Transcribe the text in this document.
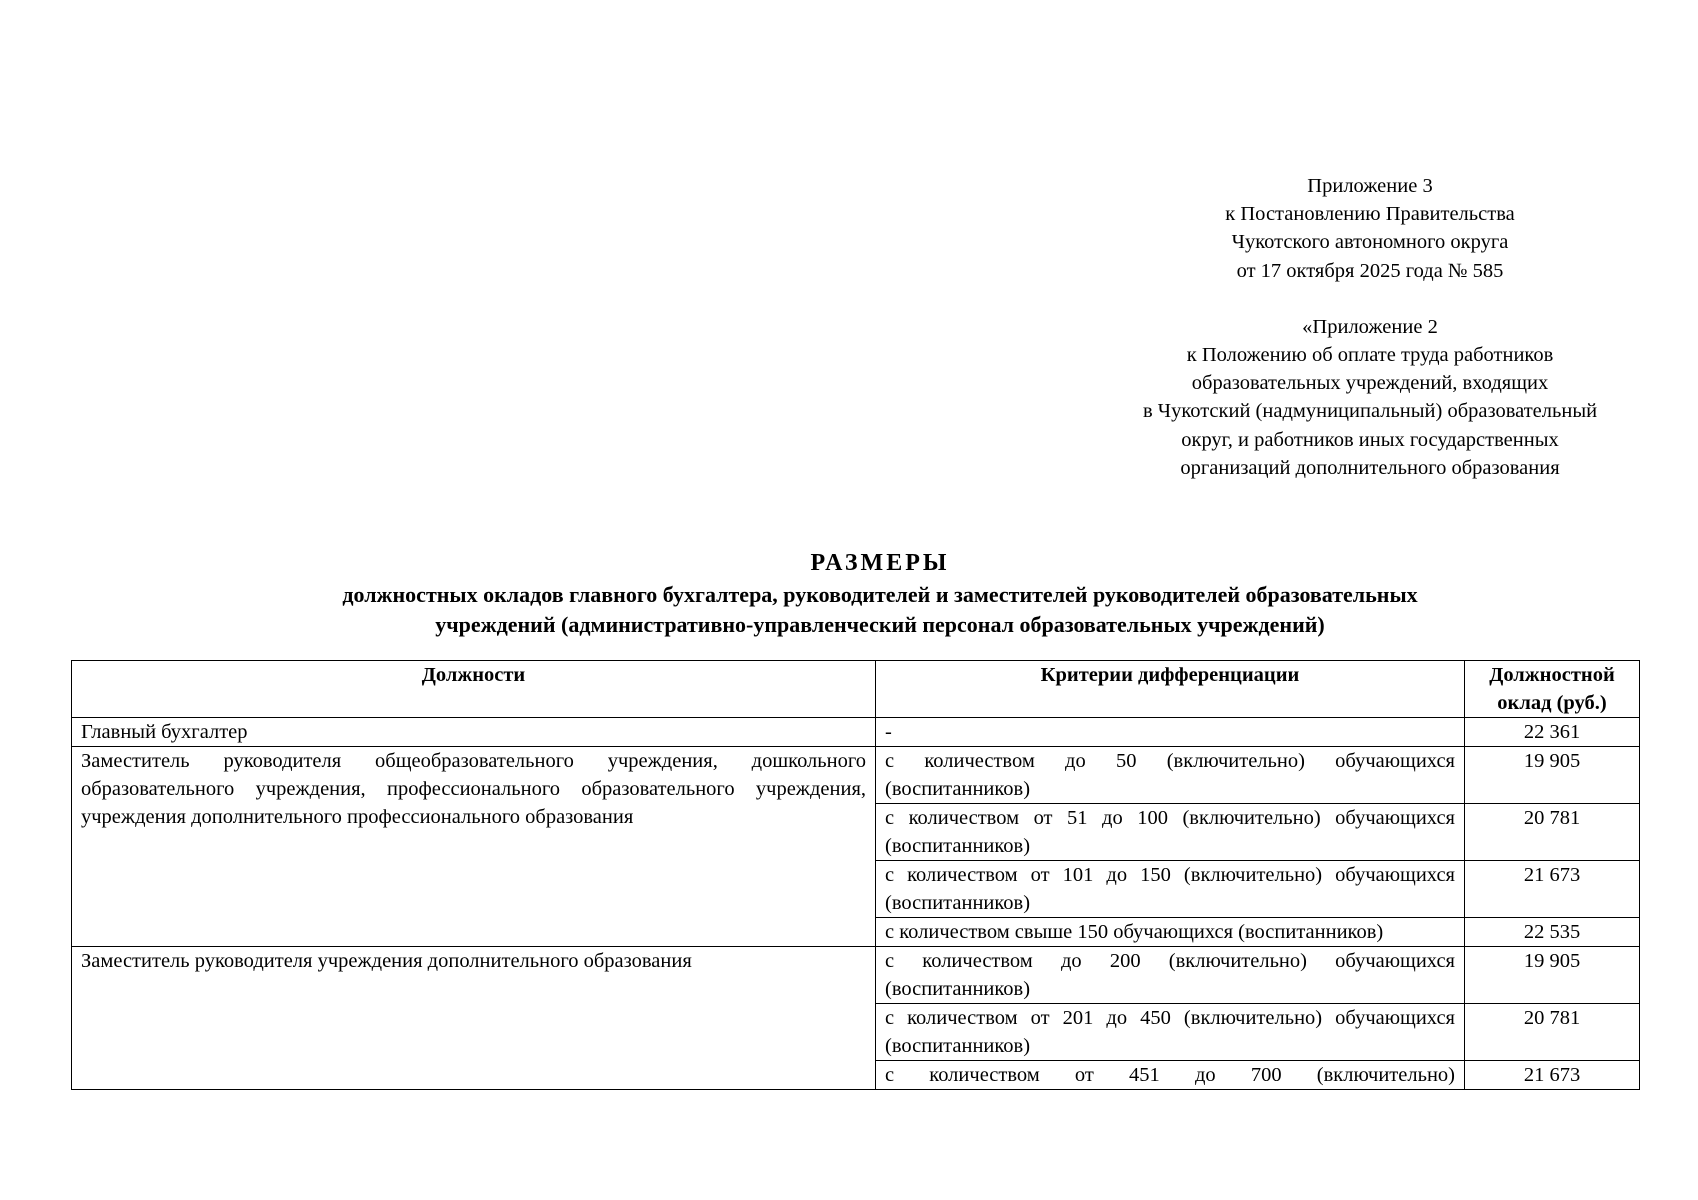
Приложение 3

к Постановлению Правительства

Чукотского автономного округа

от 17 октября 2025 года № 585

«Приложение 2

к Положению об оплате труда работников

образовательных учреждений, входящих

в Чукотский (надмуниципальный) образовательный

округ, и работников иных государственных

организаций дополнительного образования

РАЗМЕРЫ

должностных окладов главного бухгалтера, руководителей и заместителей руководителей образовательных

учреждений (административно-управленческий персонал образовательных учреждений)

Должности	Критерии дифференциации	Должностной оклад (руб.)
Главный бухгалтер	-	22 361
Заместитель руководителя общеобразовательного учреждения, дошкольного образовательного учреждения, профессионального образовательного учреждения, учреждения дополнительного профессионального образования	с количеством до 50 (включительно) обучающихся (воспитанников)	19 905
	с количеством от 51 до 100 (включительно) обучающихся (воспитанников)	20 781
	с количеством от 101 до 150 (включительно) обучающихся (воспитанников)	21 673
	с количеством свыше 150 обучающихся (воспитанников)	22 535
Заместитель руководителя учреждения дополнительного образования	с количеством до 200 (включительно) обучающихся (воспитанников)	19 905
	с количеством от 201 до 450 (включительно) обучающихся (воспитанников)	20 781
	с количеством от 451 до 700 (включительно)	21 673
